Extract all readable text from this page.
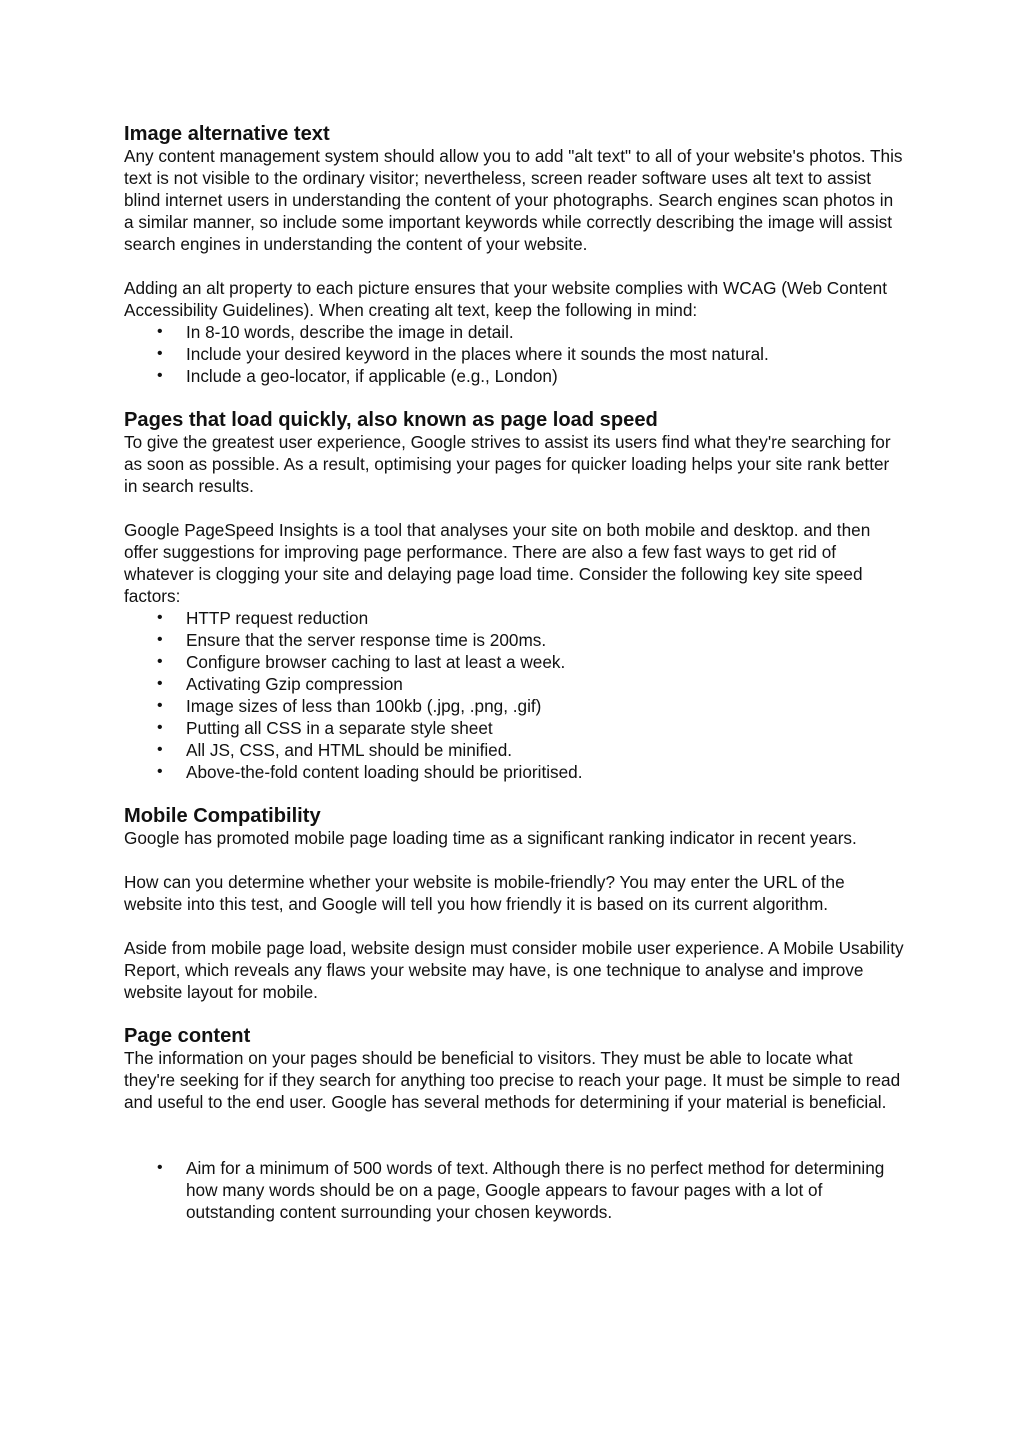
Image alternative text

Any content management system should allow you to add "alt text" to all of your website's photos. This text is not visible to the ordinary visitor; nevertheless, screen reader software uses alt text to assist blind internet users in understanding the content of your photographs. Search engines scan photos in a similar manner, so include some important keywords while correctly describing the image will assist search engines in understanding the content of your website.

Adding an alt property to each picture ensures that your website complies with WCAG (Web Content Accessibility Guidelines). When creating alt text, keep the following in mind:

• In 8-10 words, describe the image in detail.
• Include your desired keyword in the places where it sounds the most natural.
• Include a geo-locator, if applicable (e.g., London)
Pages that load quickly, also known as page load speed

To give the greatest user experience, Google strives to assist its users find what they're searching for as soon as possible. As a result, optimising your pages for quicker loading helps your site rank better in search results.

Google PageSpeed Insights is a tool that analyses your site on both mobile and desktop. and then offer suggestions for improving page performance. There are also a few fast ways to get rid of whatever is clogging your site and delaying page load time. Consider the following key site speed factors:

• HTTP request reduction
• Ensure that the server response time is 200ms.
• Configure browser caching to last at least a week.
• Activating Gzip compression
• Image sizes of less than 100kb (.jpg, .png, .gif)
• Putting all CSS in a separate style sheet
• All JS, CSS, and HTML should be minified.
• Above-the-fold content loading should be prioritised.
Mobile Compatibility

Google has promoted mobile page loading time as a significant ranking indicator in recent years.

How can you determine whether your website is mobile-friendly? You may enter the URL of the website into this test, and Google will tell you how friendly it is based on its current algorithm.

Aside from mobile page load, website design must consider mobile user experience. A Mobile Usability Report, which reveals any flaws your website may have, is one technique to analyse and improve website layout for mobile.

Page content

The information on your pages should be beneficial to visitors. They must be able to locate what they're seeking for if they search for anything too precise to reach your page. It must be simple to read and useful to the end user. Google has several methods for determining if your material is beneficial.

• Aim for a minimum of 500 words of text. Although there is no perfect method for determining how many words should be on a page, Google appears to favour pages with a lot of outstanding content surrounding your chosen keywords.
